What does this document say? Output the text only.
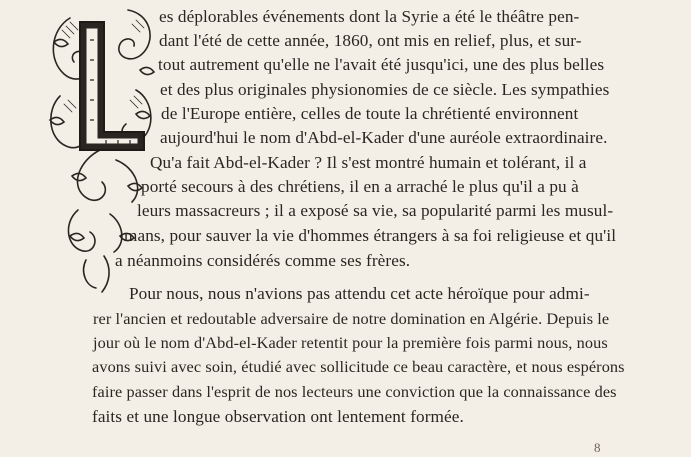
es déplorables événements dont la Syrie a été le théâtre pen-
dant l'été de cette année, 1860, ont mis en relief, plus, et sur-
tout autrement qu'elle ne l'avait été jusqu'ici, une des plus belles
et des plus originales physionomies de ce siècle. Les sympathies
de l'Europe entière, celles de toute la chrétienté environnent
aujourd'hui le nom d'Abd-el-Kader d'une auréole extraordinaire.
Qu'a fait Abd-el-Kader ? Il s'est montré humain et tolérant, il a
porté secours à des chrétiens, il en a arraché le plus qu'il a pu à
leurs massacreurs ; il a exposé sa vie, sa popularité parmi les musul-
mans, pour sauver la vie d'hommes étrangers à sa foi religieuse et qu'il
a néanmoins considérés comme ses frères.
Pour nous, nous n'avions pas attendu cet acte héroïque pour admi-
rer l'ancien et redoutable adversaire de notre domination en Algérie. Depuis le
jour où le nom d'Abd-el-Kader retentit pour la première fois parmi nous, nous
avons suivi avec soin, étudié avec sollicitude ce beau caractère, et nous espérons
faire passer dans l'esprit de nos lecteurs une conviction que la connaissance des
faits et une longue observation ont lentement formée.
8
